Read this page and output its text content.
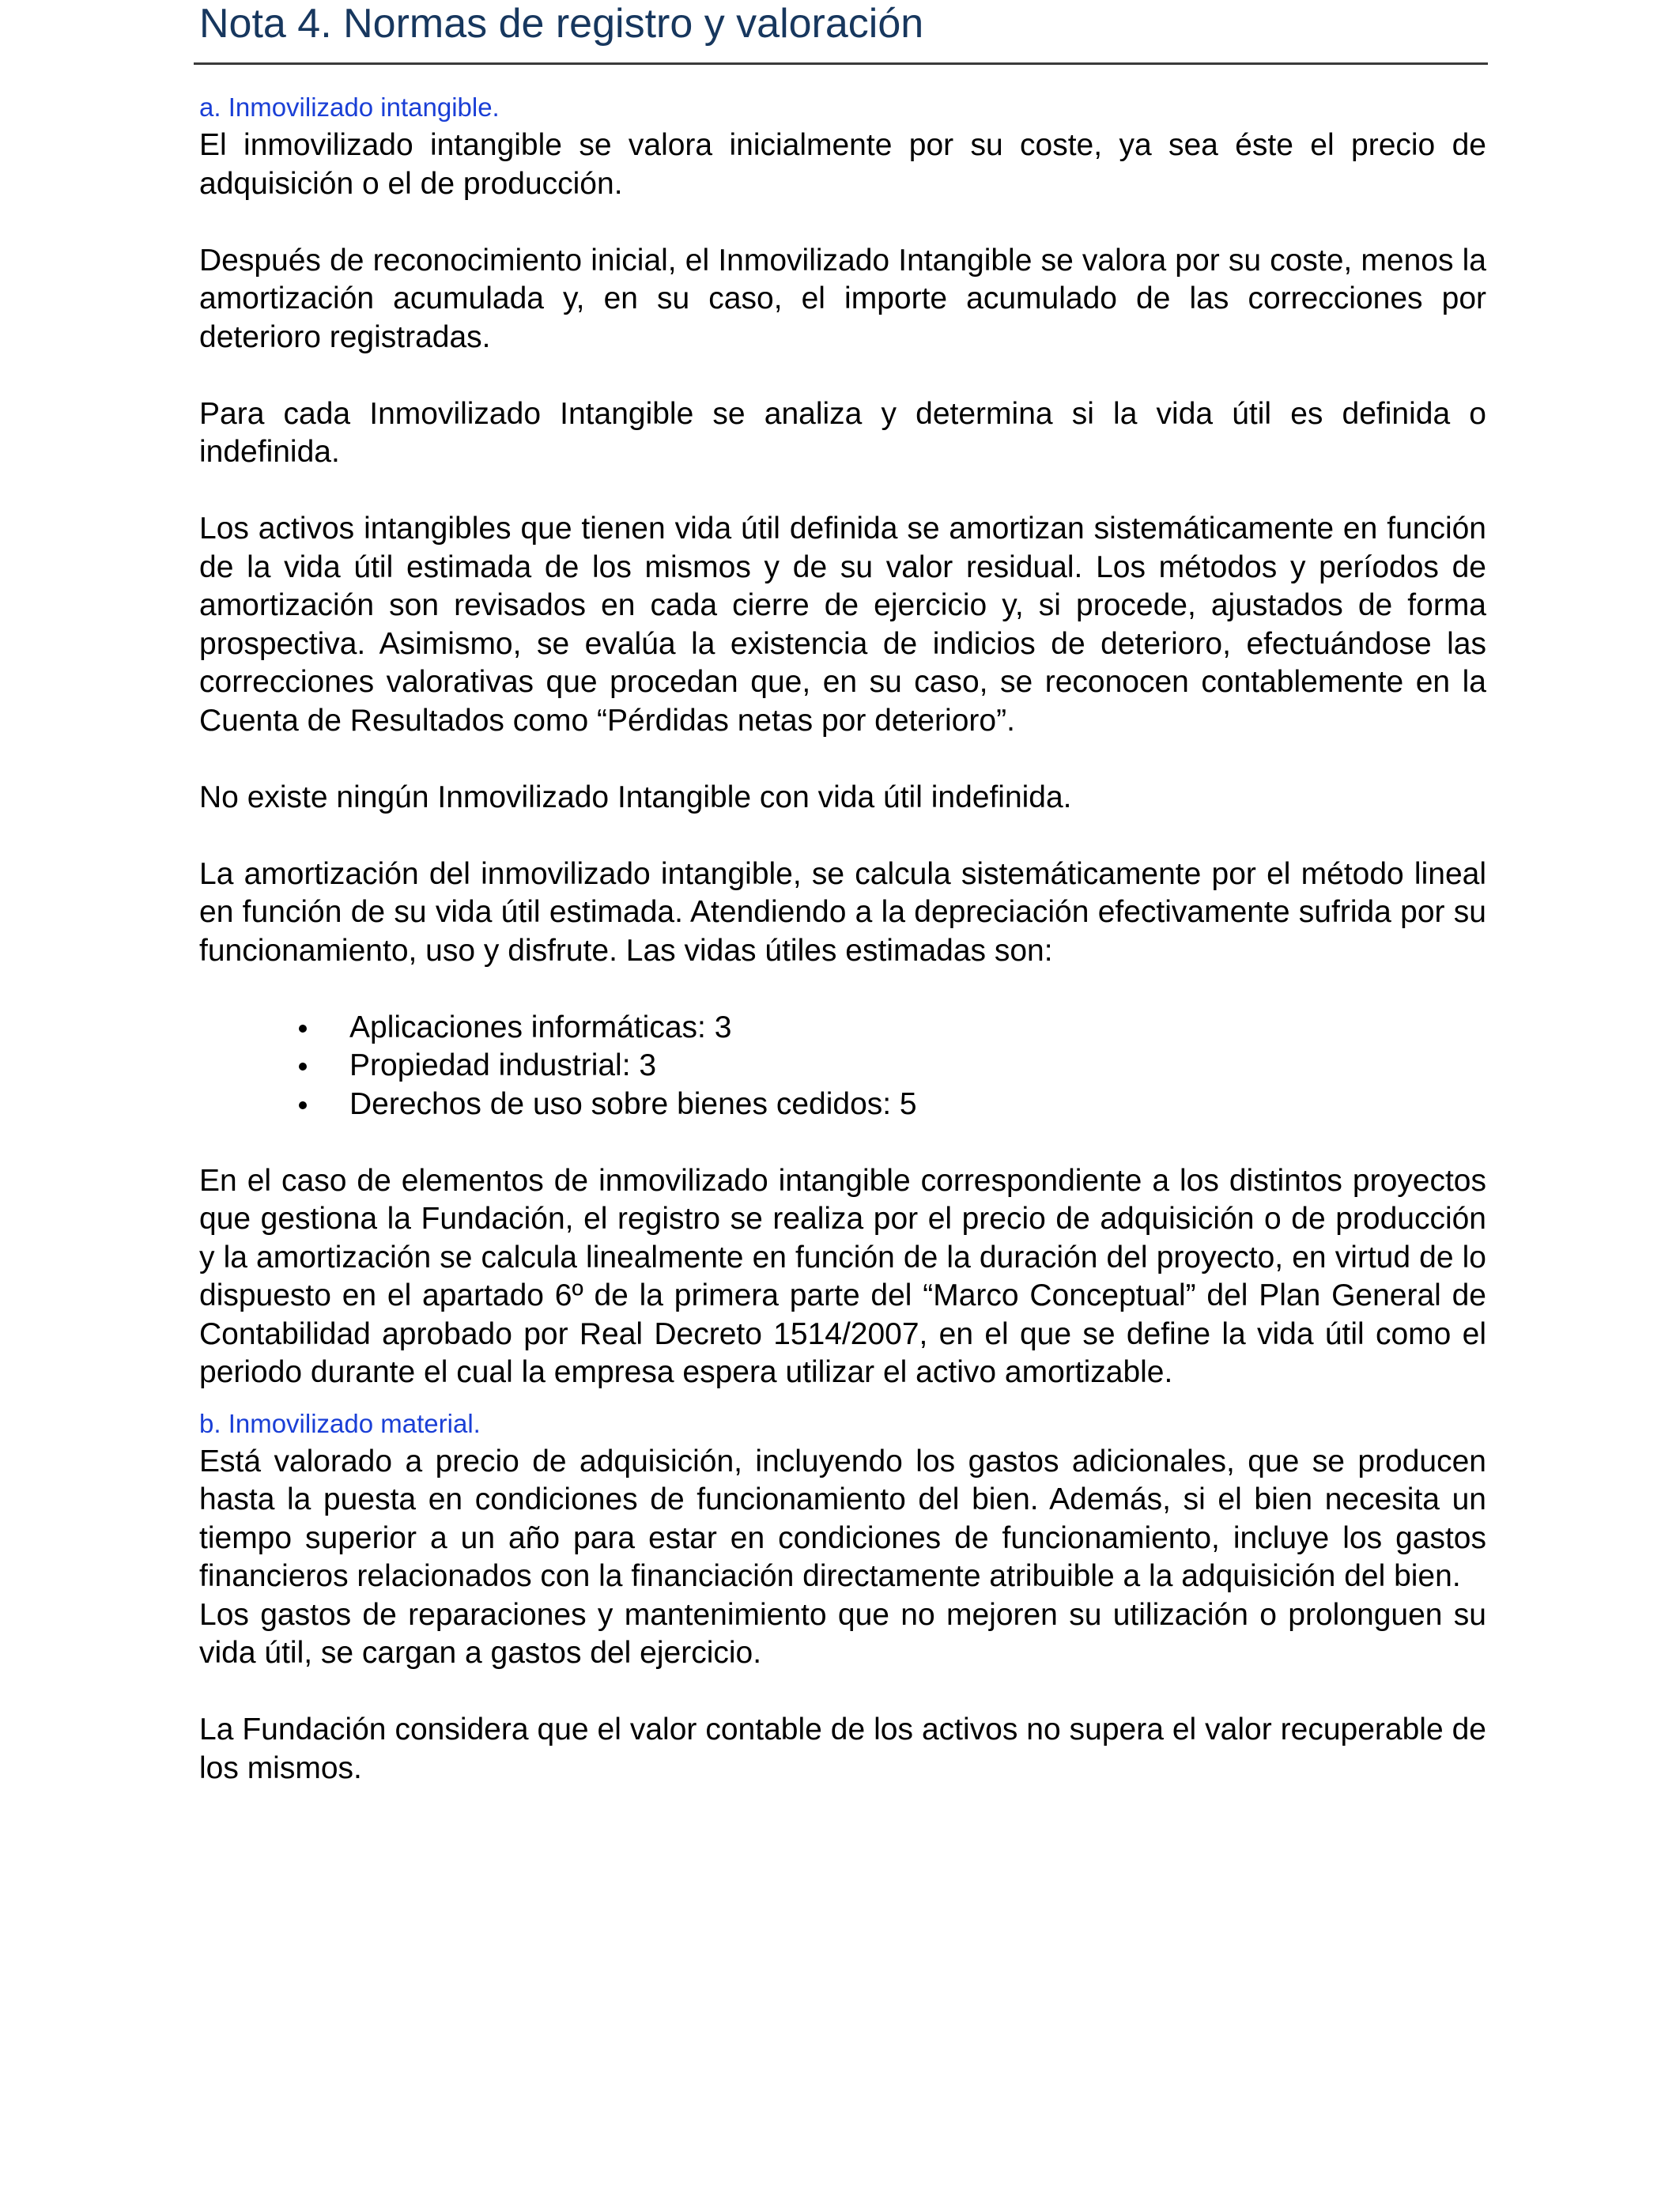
Nota 4. Normas de registro y valoración

a. Inmovilizado intangible.

El inmovilizado intangible se valora inicialmente por su coste, ya sea éste el precio de adquisición o el de producción.

Después de reconocimiento inicial, el Inmovilizado Intangible se valora por su coste, menos la amortización acumulada y, en su caso, el importe acumulado de las correcciones por deterioro registradas.

Para cada Inmovilizado Intangible se analiza y determina si la vida útil es definida o indefinida.

Los activos intangibles que tienen vida útil definida se amortizan sistemáticamente en función de la vida útil estimada de los mismos y de su valor residual. Los métodos y períodos de amortización son revisados en cada cierre de ejercicio y, si procede, ajustados de forma prospectiva. Asimismo, se evalúa la existencia de indicios de deterioro, efectuándose las correcciones valorativas que procedan que, en su caso, se reconocen contablemente en la Cuenta de Resultados como “Pérdidas netas por deterioro”.

No existe ningún Inmovilizado Intangible con vida útil indefinida.

La amortización del inmovilizado intangible, se calcula sistemáticamente por el método lineal en función de su vida útil estimada. Atendiendo a la depreciación efectivamente sufrida por su funcionamiento, uso y disfrute. Las vidas útiles estimadas son:

Aplicaciones informáticas: 3
Propiedad industrial: 3
Derechos de uso sobre bienes cedidos: 5

En el caso de elementos de inmovilizado intangible correspondiente a los distintos proyectos que gestiona la Fundación, el registro se realiza por el precio de adquisición o de producción y la amortización se calcula linealmente en función de la duración del proyecto, en virtud de lo dispuesto en el apartado 6º de la primera parte del “Marco Conceptual” del Plan General de Contabilidad aprobado por Real Decreto 1514/2007, en el que se define la vida útil como el periodo durante el cual la empresa espera utilizar el activo amortizable.

b. Inmovilizado material.

Está valorado a precio de adquisición, incluyendo los gastos adicionales, que se producen hasta la puesta en condiciones de funcionamiento del bien. Además, si el bien necesita un tiempo superior a un año para estar en condiciones de funcionamiento, incluye los gastos financieros relacionados con la financiación directamente atribuible a la adquisición del bien.

Los gastos de reparaciones y mantenimiento que no mejoren su utilización o prolonguen su vida útil, se cargan a gastos del ejercicio.

La Fundación considera que el valor contable de los activos no supera el valor recuperable de los mismos.
